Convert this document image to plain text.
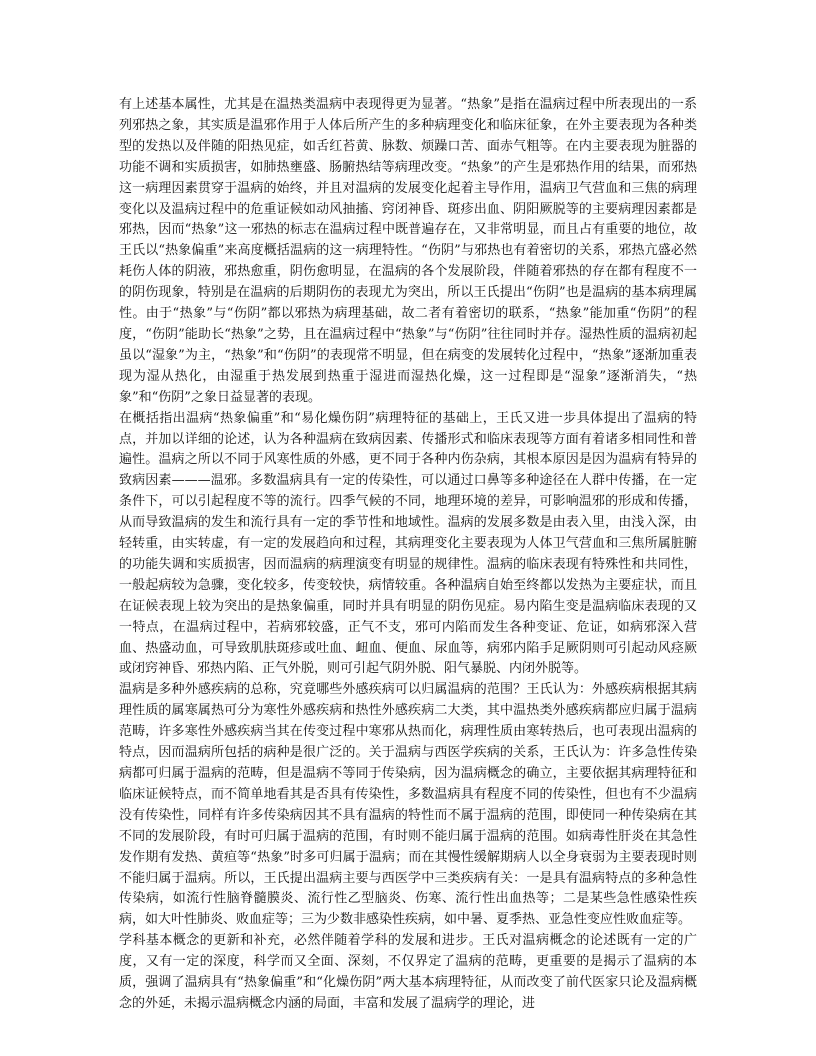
有上述基本属性，尤其是在温热类温病中表现得更为显著。“热象”是指在温病过程中所表现出的一系列邪热之象，其实质是温邪作用于人体后所产生的多种病理变化和临床征象，在外主要表现为各种类型的发热以及伴随的阳热见症，如舌红苔黄、脉数、烦躁口苦、面赤气粗等。在内主要表现为脏器的功能不调和实质损害，如肺热壅盛、肠腑热结等病理改变。“热象”的产生是邪热作用的结果，而邪热这一病理因素贯穿于温病的始终，并且对温病的发展变化起着主导作用，温病卫气营血和三焦的病理变化以及温病过程中的危重证候如动风抽搐、窍闭神昏、斑疹出血、阴阳厥脱等的主要病理因素都是邪热，因而“热象”这一邪热的标志在温病过程中既普遍存在，又非常明显，而且占有重要的地位，故王氏以“热象偏重”来高度概括温病的这一病理特性。“伤阴”与邪热也有着密切的关系，邪热亢盛必然耗伤人体的阴液，邪热愈重，阴伤愈明显，在温病的各个发展阶段，伴随着邪热的存在都有程度不一的阴伤现象，特别是在温病的后期阴伤的表现尤为突出，所以王氏提出“伤阴”也是温病的基本病理属性。由于“热象”与“伤阴”都以邪热为病理基础，故二者有着密切的联系，“热象”能加重“伤阴”的程度，“伤阴”能助长“热象”之势，且在温病过程中“热象”与“伤阴”往往同时并存。湿热性质的温病初起虽以“湿象”为主，“热象”和“伤阴”的表现常不明显，但在病变的发展转化过程中，“热象”逐渐加重表现为湿从热化，由湿重于热发展到热重于湿进而湿热化燥，这一过程即是“湿象”逐渐消失，“热象”和“伤阴”之象日益显著的表现。

在概括指出温病“热象偏重”和“易化燥伤阴”病理特征的基础上，王氏又进一步具体提出了温病的特点，并加以详细的论述，认为各种温病在致病因素、传播形式和临床表现等方面有着诸多相同性和普遍性。温病之所以不同于风寒性质的外感，更不同于各种内伤杂病，其根本原因是因为温病有特异的致病因素———温邪。多数温病具有一定的传染性，可以通过口鼻等多种途径在人群中传播，在一定条件下，可以引起程度不等的流行。四季气候的不同，地理环境的差异，可影响温邪的形成和传播，从而导致温病的发生和流行具有一定的季节性和地域性。温病的发展多数是由表入里，由浅入深，由轻转重，由实转虚，有一定的发展趋向和过程，其病理变化主要表现为人体卫气营血和三焦所属脏腑的功能失调和实质损害，因而温病的病理演变有明显的规律性。温病的临床表现有特殊性和共同性，一般起病较为急骤，变化较多，传变较快，病情较重。各种温病自始至终都以发热为主要症状，而且在证候表现上较为突出的是热象偏重，同时并具有明显的阴伤见症。易内陷生变是温病临床表现的又一特点，在温病过程中，若病邪较盛，正气不支，邪可内陷而发生各种变证、危证，如病邪深入营血、热盛动血，可导致肌肤斑疹或吐血、衄血、便血、尿血等，病邪内陷手足厥阴则可引起动风痉厥或闭窍神昏、邪热内陷、正气外脱，则可引起气阴外脱、阳气暴脱、内闭外脱等。

温病是多种外感疾病的总称，究竟哪些外感疾病可以归属温病的范围？王氏认为：外感疾病根据其病理性质的属寒属热可分为寒性外感疾病和热性外感疾病二大类，其中温热类外感疾病都应归属于温病范畴，许多寒性外感疾病当其在传变过程中寒邪从热而化，病理性质由寒转热后，也可表现出温病的特点，因而温病所包括的病种是很广泛的。关于温病与西医学疾病的关系，王氏认为：许多急性传染病都可归属于温病的范畴，但是温病不等同于传染病，因为温病概念的确立，主要依据其病理特征和临床证候特点，而不简单地看其是否具有传染性，多数温病具有程度不同的传染性，但也有不少温病没有传染性，同样有许多传染病因其不具有温病的特性而不属于温病的范围，即使同一种传染病在其不同的发展阶段，有时可归属于温病的范围，有时则不能归属于温病的范围。如病毒性肝炎在其急性发作期有发热、黄疸等“热象”时多可归属于温病；而在其慢性缓解期病人以全身衰弱为主要表现时则不能归属于温病。所以，王氏提出温病主要与西医学中三类疾病有关：一是具有温病特点的多种急性传染病，如流行性脑脊髓膜炎、流行性乙型脑炎、伤寒、流行性出血热等；二是某些急性感染性疾病，如大叶性肺炎、败血症等；三为少数非感染性疾病，如中暑、夏季热、亚急性变应性败血症等。

学科基本概念的更新和补充，必然伴随着学科的发展和进步。王氏对温病概念的论述既有一定的广度，又有一定的深度，科学而又全面、深刻，不仅界定了温病的范畴，更重要的是揭示了温病的本质，强调了温病具有“热象偏重”和“化燥伤阴”两大基本病理特征，从而改变了前代医家只论及温病概念的外延，未揭示温病概念内涵的局面，丰富和发展了温病学的理论，进
